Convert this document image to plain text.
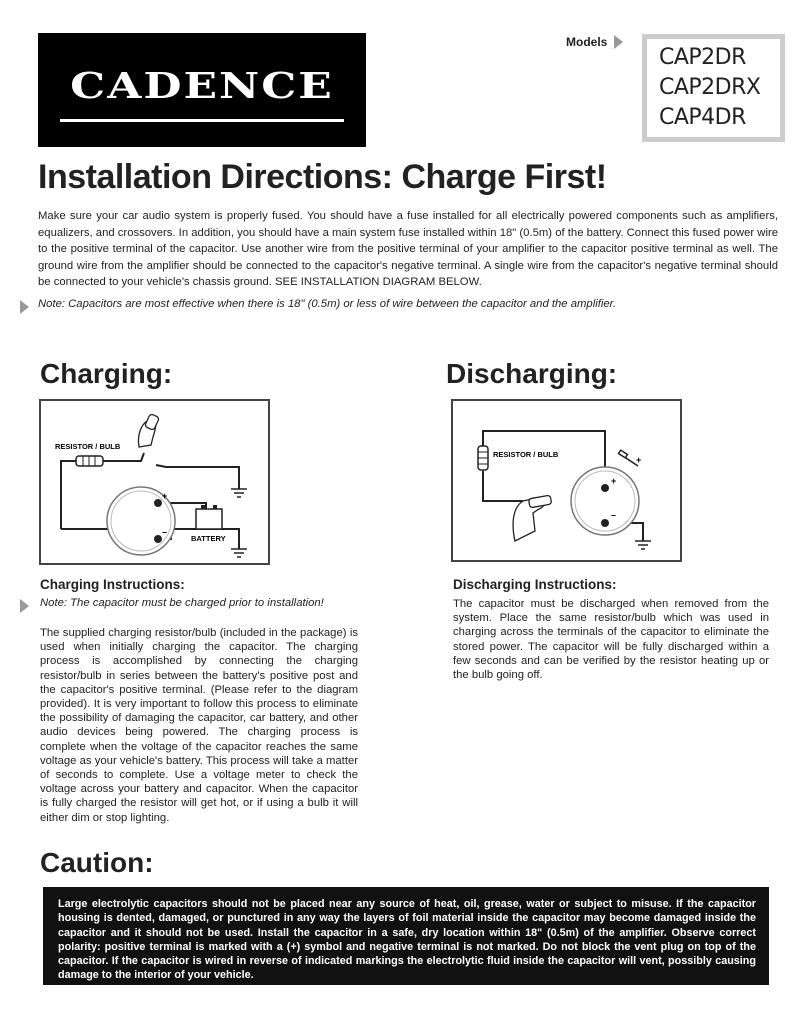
CADENCE
Models
CAP2DR
CAP2DRX
CAP4DR
Installation Directions: Charge First!
Make sure your car audio system is properly fused. You should have a fuse installed for all electrically powered components such as amplifiers, equalizers, and crossovers. In addition, you should have a main system fuse installed within 18" (0.5m) of the battery. Connect this fused power wire to the positive terminal of the capacitor. Use another wire from the positive terminal of your amplifier to the capacitor positive terminal as well. The ground wire from the amplifier should be connected to the capacitor's negative terminal. A single wire from the capacitor's negative terminal should be connected to your vehicle's chassis ground. SEE INSTALLATION DIAGRAM BELOW.
Note: Capacitors are most effective when there is 18" (0.5m) or less of wire between the capacitor and the amplifier.
Charging:
RESISTOR / BULB
+
–
BATTERY
Charging Instructions:
Note: The capacitor must be charged prior to installation!
The supplied charging resistor/bulb (included in the package) is used when initially charging the capacitor. The charging process is accomplished by connecting the charging resistor/bulb in series between the battery's positive post and the capacitor's positive terminal. (Please refer to the diagram provided). It is very important to follow this process to eliminate the possibility of damaging the capacitor, car battery, and other audio devices being powered. The charging process is complete when the voltage of the capacitor reaches the same voltage as your vehicle's battery. This process will take a matter of seconds to complete. Use a voltage meter to check the voltage across your battery and capacitor. When the capacitor is fully charged the resistor will get hot, or if using a bulb it will either dim or stop lighting.
Discharging:
RESISTOR / BULB
+
–
+
Discharging Instructions:
The capacitor must be discharged when removed from the system. Place the same resistor/bulb which was used in charging across the terminals of the capacitor to eliminate the stored power. The capacitor will be fully discharged within a few seconds and can be verified by the resistor heating up or the bulb going off.
Caution:
Large electrolytic capacitors should not be placed near any source of heat, oil, grease, water or subject to misuse. If the capacitor housing is dented, damaged, or punctured in any way the layers of foil material inside the capacitor may become damaged inside the capacitor and it should not be used. Install the capacitor in a safe, dry location within 18" (0.5m) of the amplifier. Observe correct polarity: positive terminal is marked with a (+) symbol and negative terminal is not marked. Do not block the vent plug on top of the capacitor. If the capacitor is wired in reverse of indicated markings the electrolytic fluid inside the capacitor will vent, possibly causing damage to the interior of your vehicle.
